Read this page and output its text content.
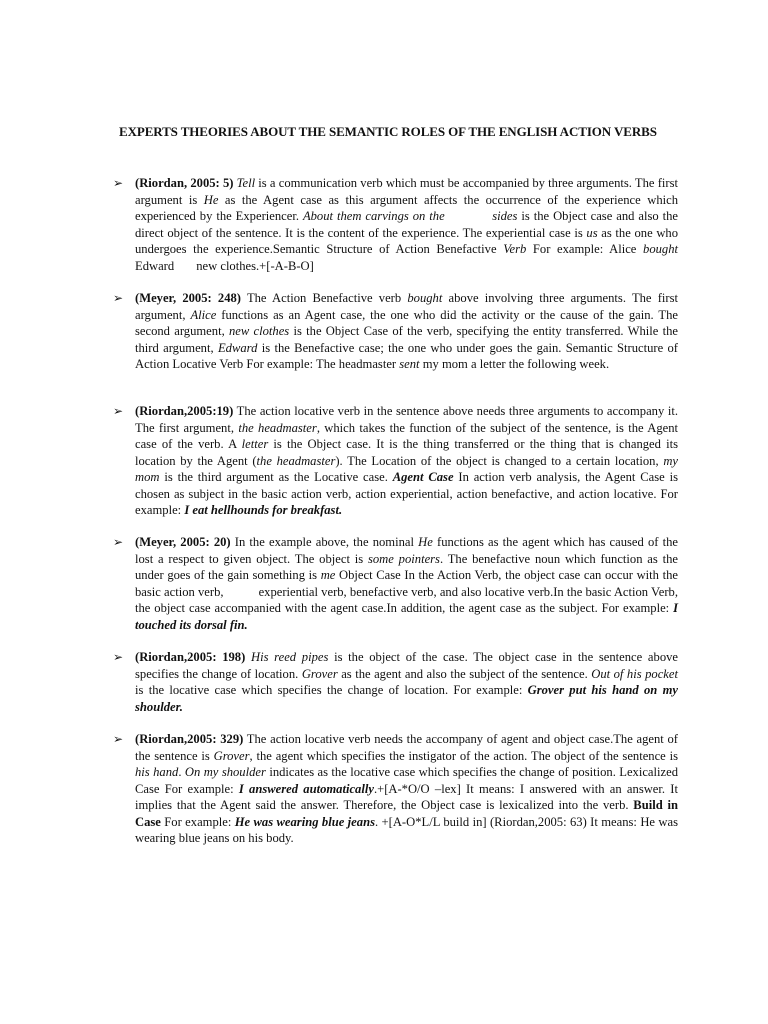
EXPERTS THEORIES ABOUT THE SEMANTIC ROLES OF THE ENGLISH ACTION VERBS
➢ (Riordan, 2005: 5) Tell is a communication verb which must be accompanied by three arguments. The first argument is He as the Agent case as this argument affects the occurrence of the experience which experienced by the Experiencer. About them carvings on the	sides is the Object case and also the direct object of the sentence. It is the content of the experience. The experiential case is us as the one who undergoes the experience.Semantic Structure of Action Benefactive Verb For example: Alice bought Edward new clothes.+[-A-B-O]
➢ (Meyer, 2005: 248) The Action Benefactive verb bought above involving three arguments. The first argument, Alice functions as an Agent case, the one who did the activity or the cause of the gain. The second argument, new clothes is the Object Case of the verb, specifying the entity transferred. While the third argument, Edward is the Benefactive case; the one who under goes the gain. Semantic Structure of Action Locative Verb For example: The headmaster sent my mom a letter the following week.
➢ (Riordan,2005:19) The action locative verb in the sentence above needs three arguments to accompany it. The first argument, the headmaster, which takes the function of the subject of the sentence, is the Agent case of the verb. A letter is the Object case. It is the thing transferred or the thing that is changed its location by the Agent (the headmaster). The Location of the object is changed to a certain location, my mom is the third argument as the Locative case. Agent Case In action verb analysis, the Agent Case is chosen as subject in the basic action verb, action experiential, action benefactive, and action locative. For example: I eat hellhounds for breakfast.
➢ (Meyer, 2005: 20) In the example above, the nominal He functions as the agent which has caused of the lost a respect to given object. The object is some pointers. The benefactive noun which function as the under goes of the gain something is me Object Case In the Action Verb, the object case can occur with the basic action verb,	experiential verb, benefactive verb, and also locative verb.In the basic Action Verb, the object case accompanied with the agent case.In addition, the agent case as the subject. For example: I touched its dorsal fin.
➢ (Riordan,2005: 198) His reed pipes is the object of the case. The object case in the sentence above specifies the change of location. Grover as the agent and also the subject of the sentence. Out of his pocket is the locative case which specifies the change of location. For example: Grover put his hand on my shoulder.
➢ (Riordan,2005: 329) The action locative verb needs the accompany of agent and object case.The agent of the sentence is Grover, the agent which specifies the instigator of the action. The object of the sentence is his hand. On my shoulder indicates as the locative case which specifies the change of position. Lexicalized Case For example: I answered automatically.+[A-*O/O –lex] It means: I answered with an answer. It implies that the Agent said the answer. Therefore, the Object case is lexicalized into the verb. Build in Case For example: He was wearing blue jeans. +[A-O*L/L build in] (Riordan,2005: 63) It means: He was wearing blue jeans on his body.
